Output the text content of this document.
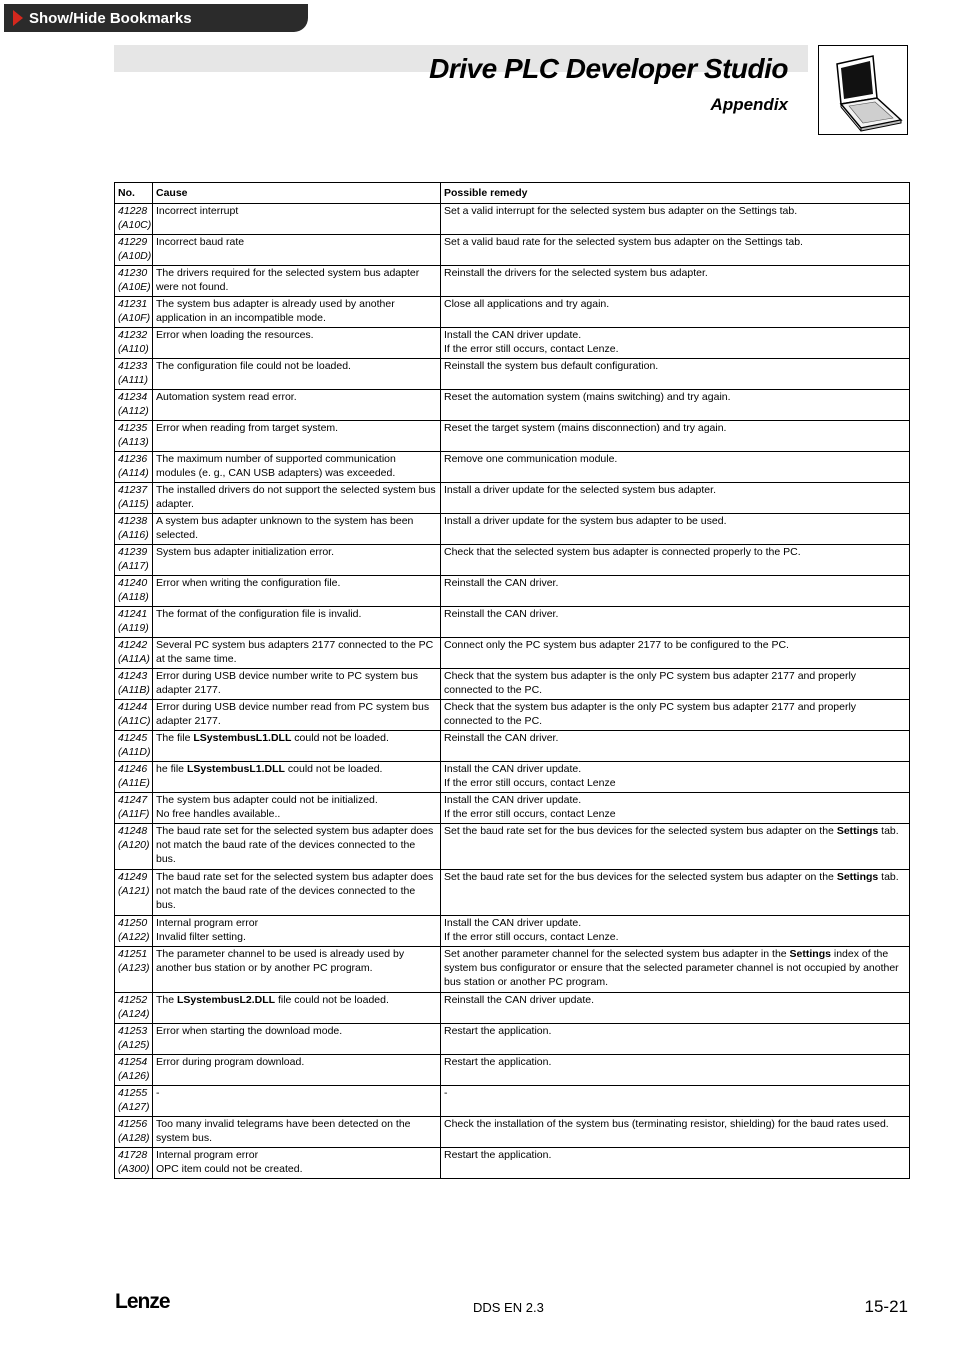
Show/Hide Bookmarks
Drive PLC Developer Studio
Appendix
No.	Cause	Possible remedy

41228
(A10C)	Incorrect interrupt	Set a valid interrupt for the selected system bus adapter on the Settings tab.

41229
(A10D)	Incorrect baud rate	Set a valid baud rate for the selected system bus adapter on the Settings tab.

41230
(A10E)	The drivers required for the selected system bus adapter were not found.	Reinstall the drivers for the selected system bus adapter.

41231
(A10F)	The system bus adapter is already used by another application in an incompatible mode.	Close all applications and try again.

41232
(A110)	Error when loading the resources.	Install the CAN driver update.
If the error still occurs, contact Lenze.

41233
(A111)	The configuration file could not be loaded.	Reinstall the system bus default configuration.

41234
(A112)	Automation system read error.	Reset the automation system (mains switching) and try again.

41235
(A113)	Error when reading from target system.	Reset the target system (mains disconnection) and try again.

41236
(A114)	The maximum number of supported communication modules (e. g., CAN USB adapters) was exceeded.	Remove one communication module.

41237
(A115)	The installed drivers do not support the selected system bus adapter.	Install a driver update for the selected system bus adapter.

41238
(A116)	A system bus adapter unknown to the system has been selected.	Install a driver update for the system bus adapter to be used.

41239
(A117)	System bus adapter initialization error.	Check that the selected system bus adapter is connected properly to the PC.

41240
(A118)	Error when writing the configuration file.	Reinstall the CAN driver.

41241
(A119)	The format of the configuration file is invalid.	Reinstall the CAN driver.

41242
(A11A)	Several PC system bus adapters 2177 connected to the PC at the same time.	Connect only the PC system bus adapter 2177 to be configured to the PC.

41243
(A11B)	Error during USB device number write to PC system bus adapter 2177.	Check that the system bus adapter is the only PC system bus adapter 2177 and properly connected to the PC.

41244
(A11C)	Error during USB device number read from PC system bus adapter 2177.	Check that the system bus adapter is the only PC system bus adapter 2177 and properly connected to the PC.

41245
(A11D)	The file LSystembusL1.DLL could not be loaded.	Reinstall the CAN driver.

41246
(A11E)	he file LSystembusL1.DLL could not be loaded.	Install the CAN driver update.
If the error still occurs, contact Lenze

41247
(A11F)	The system bus adapter could not be initialized.
No free handles available..	Install the CAN driver update.
If the error still occurs, contact Lenze

41248
(A120)	The baud rate set for the selected system bus adapter does not match the baud rate of the devices connected to the bus.	Set the baud rate set for the bus devices for the selected system bus adapter on the Settings tab.

41249
(A121)	The baud rate set for the selected system bus adapter does not match the baud rate of the devices connected to the bus.	Set the baud rate set for the bus devices for the selected system bus adapter on the Settings tab.

41250
(A122)	Internal program error
Invalid filter setting.	Install the CAN driver update.
If the error still occurs, contact Lenze.

41251
(A123)	The parameter channel to be used is already used by another bus station or by another PC program.	Set another parameter channel for the selected system bus adapter in the Settings index of the system bus configurator or ensure that the selected parameter channel is not occupied by another bus station or another PC program.

41252
(A124)	The LSystembusL2.DLL file could not be loaded.	Reinstall the CAN driver update.

41253
(A125)	Error when starting the download mode.	Restart the application.

41254
(A126)	Error during program download.	Restart the application.

41255
(A127)	-	-

41256
(A128)	Too many invalid telegrams have been detected on the system bus.	Check the installation of the system bus (terminating resistor, shielding) for the baud rates used.

41728
(A300)	Internal program error
OPC item could not be created.	Restart the application.
Lenze	DDS EN 2.3	15-21
